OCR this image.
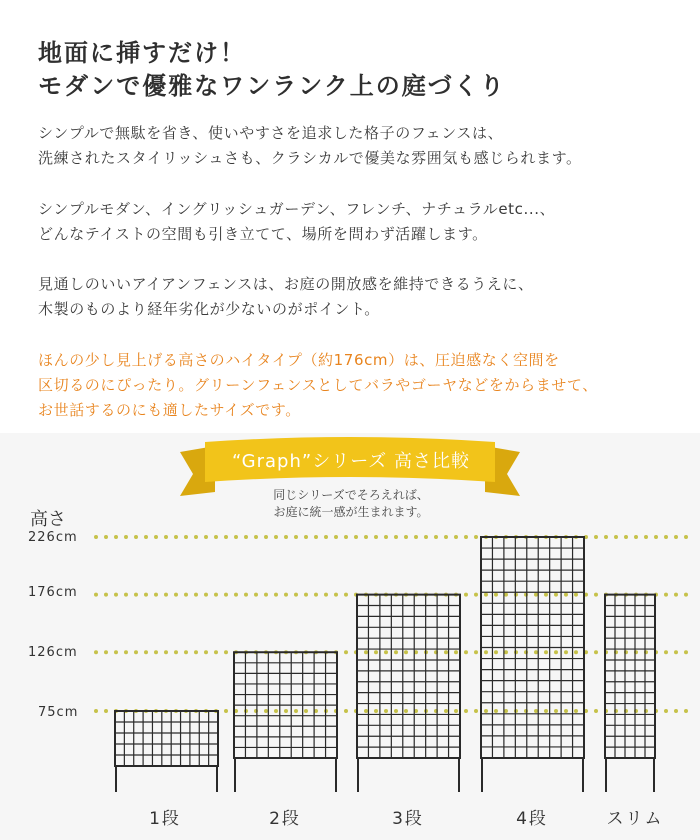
地面に挿すだけ！
モダンで優雅なワンランク上の庭づくり
シンプルで無駄を省き、使いやすさを追求した格子のフェンスは、
洗練されたスタイリッシュさも、クラシカルで優美な雰囲気も感じられます。
シンプルモダン、イングリッシュガーデン、フレンチ、ナチュラルetc...、
どんなテイストの空間も引き立てて、場所を問わず活躍します。
見通しのいいアイアンフェンスは、お庭の開放感を維持できるうえに、
木製のものより経年劣化が少ないのがポイント。
ほんの少し見上げる高さのハイタイプ（約176cm）は、圧迫感なく空間を
区切るのにぴったり。グリーンフェンスとしてバラやゴーヤなどをからませて、
お世話するのにも適したサイズです。
“Graph”シリーズ 高さ比較
同じシリーズでそろえれば、
お庭に統一感が生まれます。
高さ
226cm
176cm
126cm
75cm
1段	2段	3段	4段	スリム
